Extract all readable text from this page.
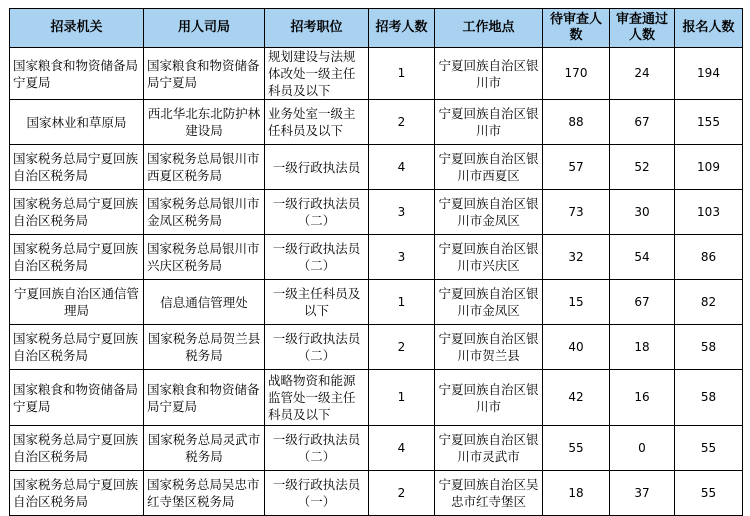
招录机关	用人司局	招考职位	招考人数	工作地点	待审查人数	审查通过人数	报名人数
国家粮食和物资储备局宁夏局	国家粮食和物资储备局宁夏局	规划建设与法规体改处一级主任科员及以下	1	宁夏回族自治区银川市	170	24	194
国家林业和草原局	西北华北东北防护林建设局	业务处室一级主任科员及以下	2	宁夏回族自治区银川市	88	67	155
国家税务总局宁夏回族自治区税务局	国家税务总局银川市西夏区税务局	一级行政执法员	4	宁夏回族自治区银川市西夏区	57	52	109
国家税务总局宁夏回族自治区税务局	国家税务总局银川市金凤区税务局	一级行政执法员（二）	3	宁夏回族自治区银川市金凤区	73	30	103
国家税务总局宁夏回族自治区税务局	国家税务总局银川市兴庆区税务局	一级行政执法员（二）	3	宁夏回族自治区银川市兴庆区	32	54	86
宁夏回族自治区通信管理局	信息通信管理处	一级主任科员及以下	1	宁夏回族自治区银川市金凤区	15	67	82
国家税务总局宁夏回族自治区税务局	国家税务总局贺兰县税务局	一级行政执法员（二）	2	宁夏回族自治区银川市贺兰县	40	18	58
国家粮食和物资储备局宁夏局	国家粮食和物资储备局宁夏局	战略物资和能源监管处一级主任科员及以下	1	宁夏回族自治区银川市	42	16	58
国家税务总局宁夏回族自治区税务局	国家税务总局灵武市税务局	一级行政执法员（二）	4	宁夏回族自治区银川市灵武市	55	0	55
国家税务总局宁夏回族自治区税务局	国家税务总局吴忠市红寺堡区税务局	一级行政执法员（一）	2	宁夏回族自治区吴忠市红寺堡区	18	37	55
